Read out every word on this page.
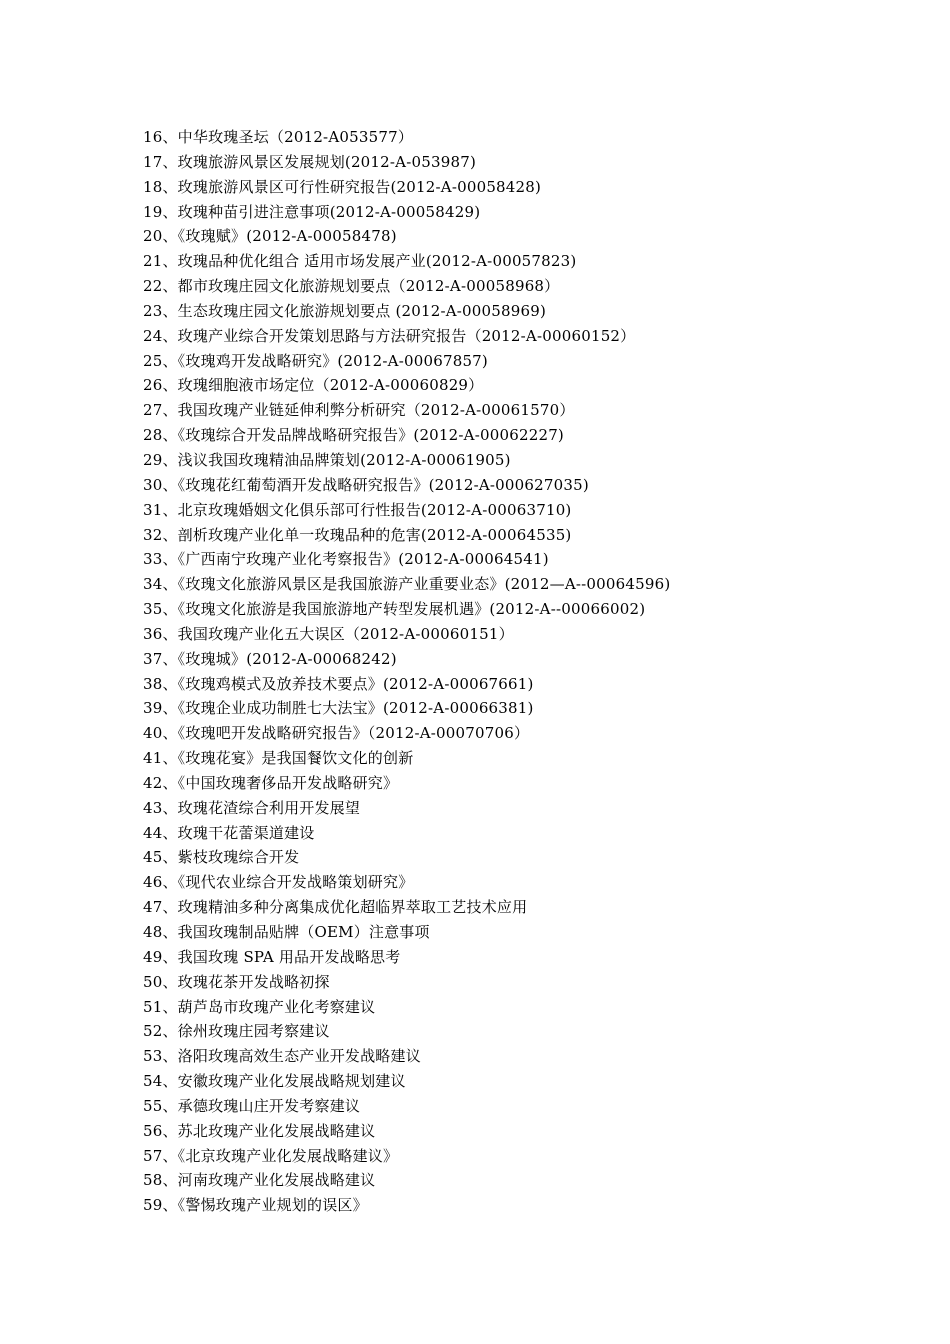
16、中华玫瑰圣坛（2012-A053577）
17、玫瑰旅游风景区发展规划(2012-A-053987)
18、玫瑰旅游风景区可行性研究报告(2012-A-00058428)
19、玫瑰种苗引进注意事项(2012-A-00058429)
20、《玫瑰赋》(2012-A-00058478)
21、玫瑰品种优化组合 适用市场发展产业(2012-A-00057823)
22、都市玫瑰庄园文化旅游规划要点（2012-A-00058968）
23、生态玫瑰庄园文化旅游规划要点 (2012-A-00058969)
24、玫瑰产业综合开发策划思路与方法研究报告（2012-A-00060152）
25、《玫瑰鸡开发战略研究》(2012-A-00067857)
26、玫瑰细胞液市场定位（2012-A-00060829）
27、我国玫瑰产业链延伸利弊分析研究（2012-A-00061570）
28、《玫瑰综合开发品牌战略研究报告》(2012-A-00062227)
29、浅议我国玫瑰精油品牌策划(2012-A-00061905)
30、《玫瑰花红葡萄酒开发战略研究报告》(2012-A-000627035)
31、北京玫瑰婚姻文化俱乐部可行性报告(2012-A-00063710)
32、剖析玫瑰产业化单一玫瑰品种的危害(2012-A-00064535)
33、《广西南宁玫瑰产业化考察报告》(2012-A-00064541)
34、《玫瑰文化旅游风景区是我国旅游产业重要业态》(2012—A--00064596)
35、《玫瑰文化旅游是我国旅游地产转型发展机遇》(2012-A--00066002)
36、我国玫瑰产业化五大误区（2012-A-00060151）
37、《玫瑰城》(2012-A-00068242)
38、《玫瑰鸡模式及放养技术要点》(2012-A-00067661)
39、《玫瑰企业成功制胜七大法宝》(2012-A-00066381)
40、《玫瑰吧开发战略研究报告》（2012-A-00070706）
41、《玫瑰花宴》是我国餐饮文化的创新
42、《中国玫瑰奢侈品开发战略研究》
43、玫瑰花渣综合利用开发展望
44、玫瑰干花蕾渠道建设
45、紫枝玫瑰综合开发
46、《现代农业综合开发战略策划研究》
47、玫瑰精油多种分离集成优化超临界萃取工艺技术应用
48、我国玫瑰制品贴牌（OEM）注意事项
49、我国玫瑰 SPA 用品开发战略思考
50、玫瑰花茶开发战略初探
51、葫芦岛市玫瑰产业化考察建议
52、徐州玫瑰庄园考察建议
53、洛阳玫瑰高效生态产业开发战略建议
54、安徽玫瑰产业化发展战略规划建议
55、承德玫瑰山庄开发考察建议
56、苏北玫瑰产业化发展战略建议
57、《北京玫瑰产业化发展战略建议》
58、河南玫瑰产业化发展战略建议
59、《警惕玫瑰产业规划的误区》
